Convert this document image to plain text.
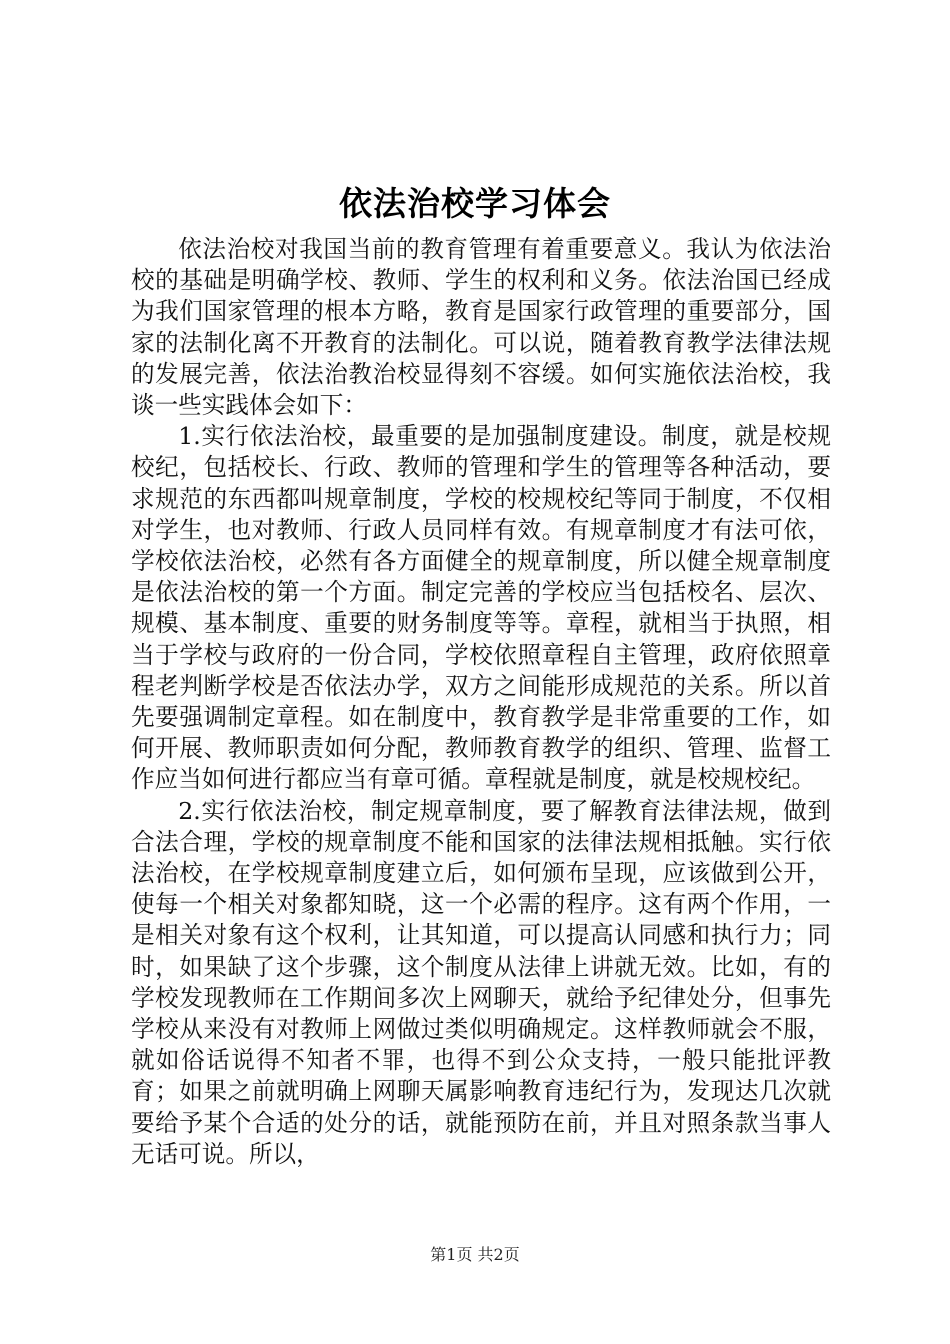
依法治校学习体会

依法治校对我国当前的教育管理有着重要意义。我认为依法治校的基础是明确学校、教师、学生的权利和义务。依法治国已经成为我们国家管理的根本方略，教育是国家行政管理的重要部分，国家的法制化离不开教育的法制化。可以说，随着教育教学法律法规的发展完善，依法治教治校显得刻不容缓。如何实施依法治校，我谈一些实践体会如下：

1.实行依法治校，最重要的是加强制度建设。制度，就是校规校纪，包括校长、行政、教师的管理和学生的管理等各种活动，要求规范的东西都叫规章制度，学校的校规校纪等同于制度，不仅相对学生，也对教师、行政人员同样有效。有规章制度才有法可依，学校依法治校，必然有各方面健全的规章制度，所以健全规章制度是依法治校的第一个方面。制定完善的学校应当包括校名、层次、规模、基本制度、重要的财务制度等等。章程，就相当于执照，相当于学校与政府的一份合同，学校依照章程自主管理，政府依照章程老判断学校是否依法办学，双方之间能形成规范的关系。所以首先要强调制定章程。如在制度中，教育教学是非常重要的工作，如何开展、教师职责如何分配，教师教育教学的组织、管理、监督工作应当如何进行都应当有章可循。章程就是制度，就是校规校纪。

2.实行依法治校，制定规章制度，要了解教育法律法规，做到合法合理，学校的规章制度不能和国家的法律法规相抵触。实行依法治校，在学校规章制度建立后，如何颁布呈现，应该做到公开，使每一个相关对象都知晓，这一个必需的程序。这有两个作用，一是相关对象有这个权利，让其知道，可以提高认同感和执行力；同时，如果缺了这个步骤，这个制度从法律上讲就无效。比如，有的学校发现教师在工作期间多次上网聊天，就给予纪律处分，但事先学校从来没有对教师上网做过类似明确规定。这样教师就会不服，就如俗话说得不知者不罪，也得不到公众支持，一般只能批评教育；如果之前就明确上网聊天属影响教育违纪行为，发现达几次就要给予某个合适的处分的话，就能预防在前，并且对照条款当事人无话可说。所以，

第1页 共2页
